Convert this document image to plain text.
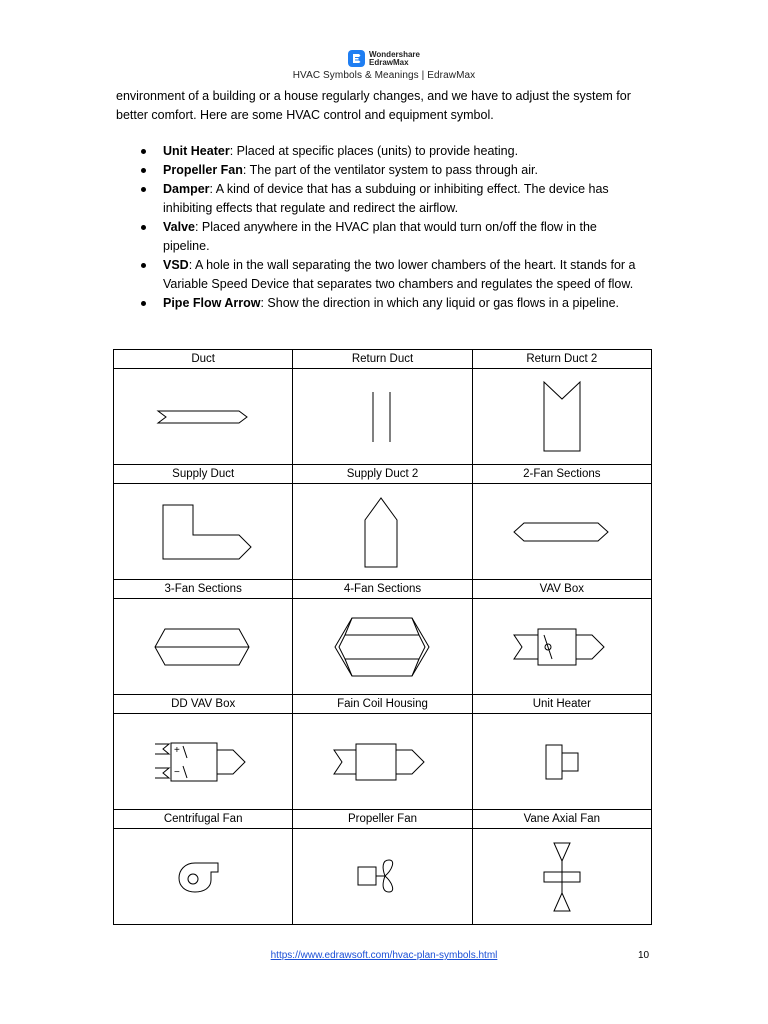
Wondershare
EdrawMax
HVAC Symbols & Meanings | EdrawMax

environment of a building or a house regularly changes, and we have to adjust the system for
better comfort. Here are some HVAC control and equipment symbol.

Unit Heater: Placed at specific places (units) to provide heating.
Propeller Fan: The part of the ventilator system to pass through air.
Damper: A kind of device that has a subduing or inhibiting effect. The device has inhibiting effects that regulate and redirect the airflow.
Valve: Placed anywhere in the HVAC plan that would turn on/off the flow in the pipeline.
VSD: A hole in the wall separating the two lower chambers of the heart. It stands for a Variable Speed Device that separates two chambers and regulates the speed of flow.
Pipe Flow Arrow: Show the direction in which any liquid or gas flows in a pipeline.
Duct	Return Duct	Return Duct 2

Supply Duct	Supply Duct 2	2-Fan Sections

3-Fan Sections	4-Fan Sections	VAV Box

DD VAV Box	Fain Coil Housing	Unit Heater

+
−

Centrifugal Fan	Propeller Fan	Vane Axial Fan

https://www.edrawsoft.com/hvac-plan-symbols.html	10
